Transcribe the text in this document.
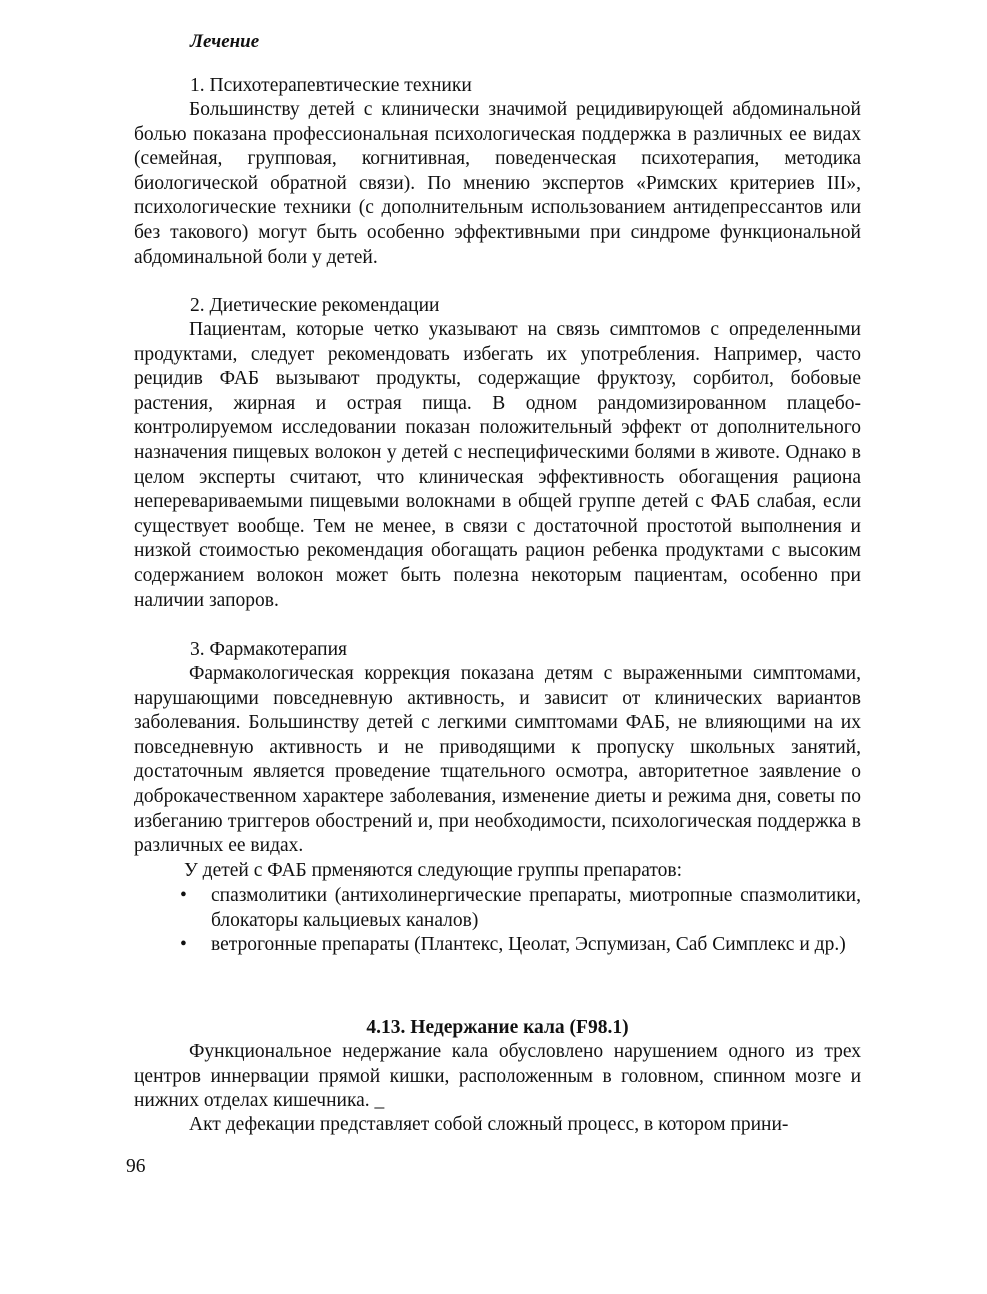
Лечение
1. Психотерапевтические техники

Большинству детей с клинически значимой рецидивирующей абдоминальной болью показана профессиональная психологическая поддержка в различных ее видах (семейная, групповая, когнитивная, поведенческая психотерапия, методика биологической обратной связи). По мнению экспертов «Римских критериев III», психологические техники (с дополнительным использованием антидепрессантов или без такового) могут быть особенно эффективными при синдроме функциональной абдоминальной боли у детей.

2. Диетические рекомендации

Пациентам, которые четко указывают на связь симптомов с определенными продуктами, следует рекомендовать избегать их употребления. Например, часто рецидив ФАБ вызывают продукты, содержащие фруктозу, сорбитол, бобовые растения, жирная и острая пища. В одном рандомизированном плацебо-контролируемом исследовании показан положительный эффект от дополнительного назначения пищевых волокон у детей с неспецифическими болями в животе. Однако в целом эксперты считают, что клиническая эффективность обогащения рациона неперевариваемыми пищевыми волокнами в общей группе детей с ФАБ слабая, если существует вообще. Тем не менее, в связи с достаточной простотой выполнения и низкой стоимостью рекомендация обогащать рацион ребенка продуктами с высоким содержанием волокон может быть полезна некоторым пациентам, особенно при наличии запоров.

3. Фармакотерапия

Фармакологическая коррекция показана детям с выраженными симптомами, нарушающими повседневную активность, и зависит от клинических вариантов заболевания. Большинству детей с легкими симптомами ФАБ, не влияющими на их повседневную активность и не приводящими к пропуску школьных занятий, достаточным является проведение тщательного осмотра, авторитетное заявление о доброкачественном характере заболевания, изменение диеты и режима дня, советы по избеганию триггеров обострений и, при необходимости, психологическая поддержка в различных ее видах.

У детей с ФАБ прменяются следующие группы препаратов:

• спазмолитики (антихолинергические препараты, миотропные спазмолитики, блокаторы кальциевых каналов)
• ветрогонные препараты (Плантекс, Цеолат, Эспумизан, Саб Симплекс и др.)
4.13. Недержание кала (F98.1)

Функциональное недержание кала обусловлено нарушением одного из трех центров иннервации прямой кишки, расположенным в головном, спинном мозге и нижних отделах кишечника. _

Акт дефекации представляет собой сложный процесс, в котором прини-

96
